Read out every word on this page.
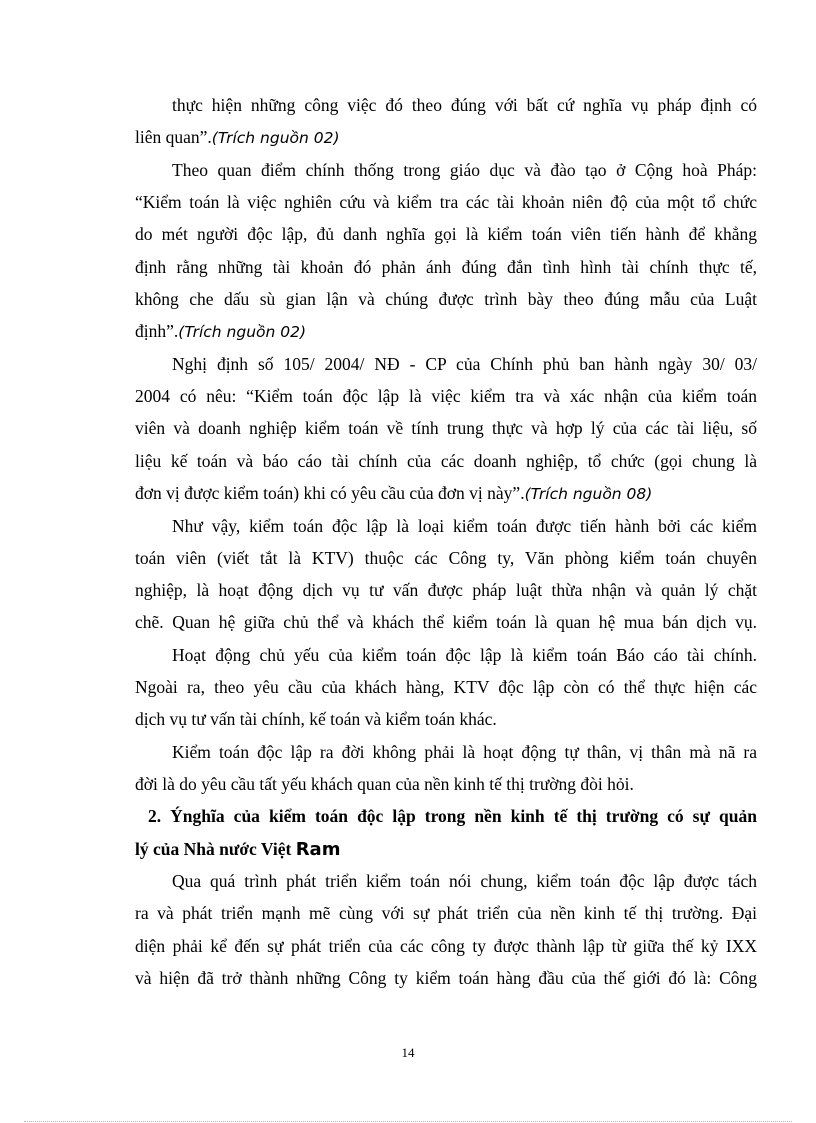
thực hiện những công việc đó theo đúng với bất cứ nghĩa vụ pháp định có
liên quan”.(Trích nguồn 02)
Theo quan điểm chính thống trong giáo dục và đào tạo ở Cộng hoà Pháp:
“Kiểm toán là việc nghiên cứu và kiểm tra các tài khoản niên độ của một tổ chức
do mét người độc lập, đủ danh nghĩa gọi là kiểm toán viên tiến hành để khẳng
định rằng những tài khoản đó phản ánh đúng đắn tình hình tài chính thực tế,
không che dấu sù gian lận và chúng được trình bày theo đúng mẫu của Luật
định”.(Trích nguồn 02)
Nghị định số 105/ 2004/ NĐ - CP của Chính phủ ban hành ngày 30/ 03/
2004 có nêu: “Kiểm toán độc lập là việc kiểm tra và xác nhận của kiểm toán
viên và doanh nghiệp kiểm toán về tính trung thực và hợp lý của các tài liệu, số
liệu kế toán và báo cáo tài chính của các doanh nghiệp, tổ chức (gọi chung là
đơn vị được kiểm toán) khi có yêu cầu của đơn vị này”.(Trích nguồn 08)
Như vậy, kiểm toán độc lập là loại kiểm toán được tiến hành bởi các kiểm
toán viên (viết tắt là KTV) thuộc các Công ty, Văn phòng kiểm toán chuyên
nghiệp, là hoạt động dịch vụ tư vấn được pháp luật thừa nhận và quản lý chặt
chẽ. Quan hệ giữa chủ thể và khách thể kiểm toán là quan hệ mua bán dịch vụ.
Hoạt động chủ yếu của kiểm toán độc lập là kiểm toán Báo cáo tài chính.
Ngoài ra, theo yêu cầu của khách hàng, KTV độc lập còn có thể thực hiện các
dịch vụ tư vấn tài chính, kế toán và kiểm toán khác.
Kiểm toán độc lập ra đời không phải là hoạt động tự thân, vị thân mà nã ra
đời là do yêu cầu tất yếu khách quan của nền kinh tế thị trường đòi hỏi.
2. Ýnghĩa của kiểm toán độc lập trong nền kinh tế thị trường có sự quản
lý của Nhà nước Việt Ram
Qua quá trình phát triển kiểm toán nói chung, kiểm toán độc lập được tách
ra và phát triển mạnh mẽ cùng với sự phát triển của nền kinh tế thị trường. Đại
diện phải kể đến sự phát triển của các công ty được thành lập từ giữa thế kỷ IXX
và hiện đã trở thành những Công ty kiểm toán hàng đầu của thế giới đó là: Công
14
